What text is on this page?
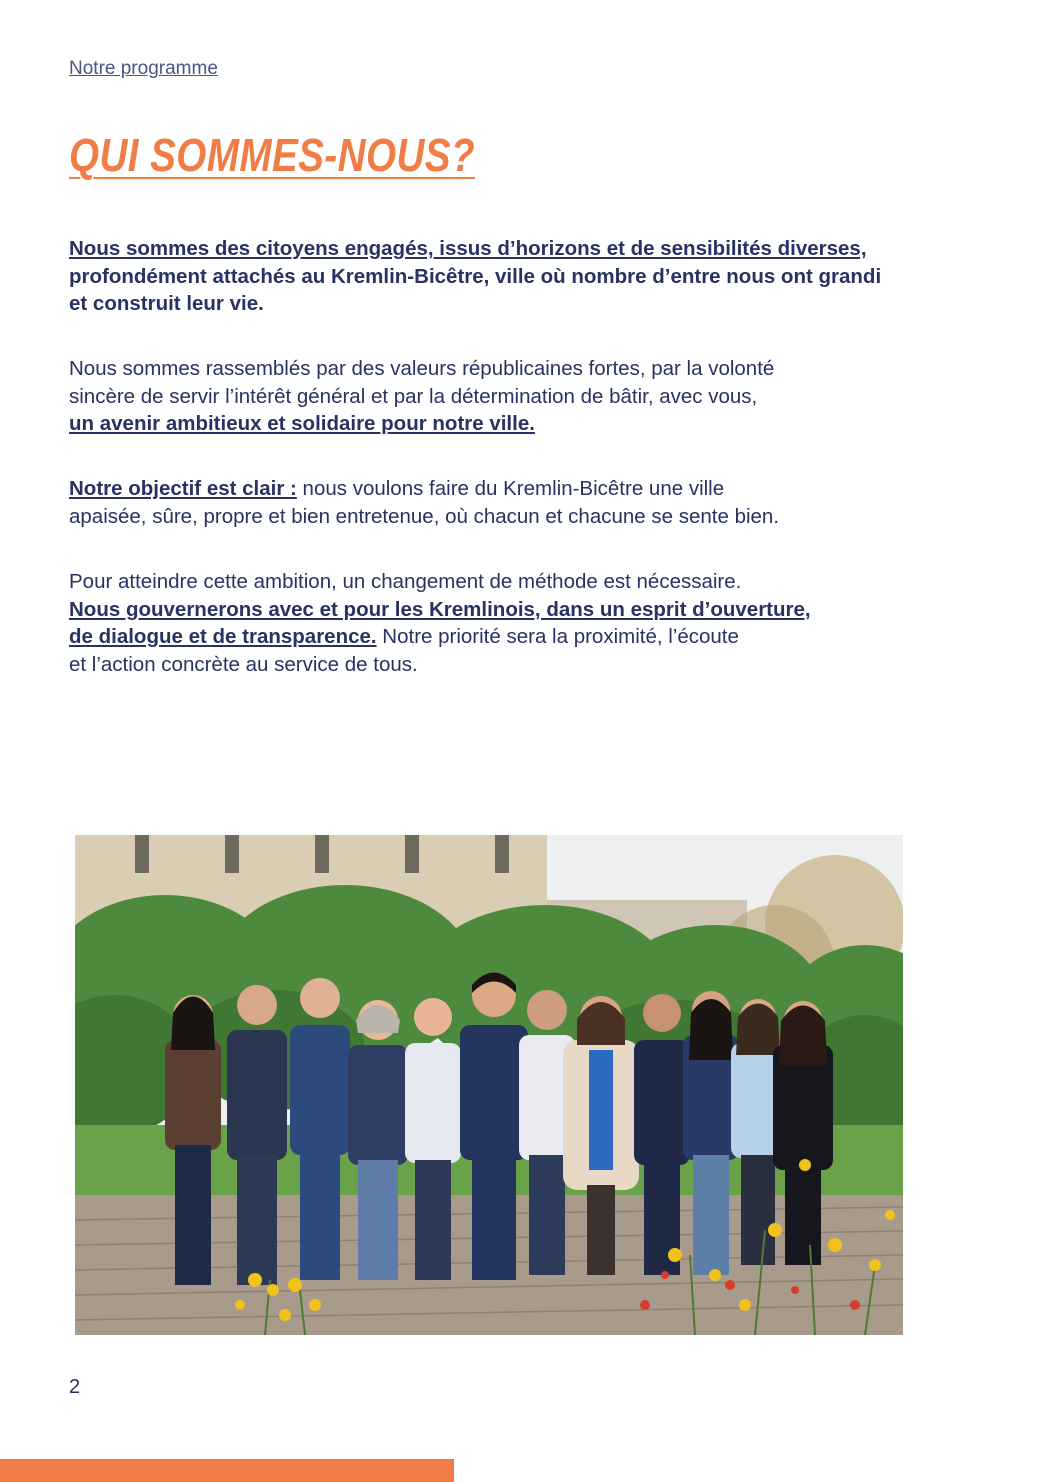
Notre programme
QUI SOMMES-NOUS?

Nous sommes des citoyens engagés, issus d’horizons et de sensibilités diverses,
profondément attachés au Kremlin-Bicêtre, ville où nombre d’entre nous ont grandi
et construit leur vie.

Nous sommes rassemblés par des valeurs républicaines fortes, par la volonté
sincère de servir l’intérêt général et par la détermination de bâtir, avec vous,
un avenir ambitieux et solidaire pour notre ville.

Notre objectif est clair : nous voulons faire du Kremlin-Bicêtre une ville
apaisée, sûre, propre et bien entretenue, où chacun et chacune se sente bien.

Pour atteindre cette ambition, un changement de méthode est nécessaire.
Nous gouvernerons avec et pour les Kremlinois, dans un esprit d’ouverture,
de dialogue et de transparence. Notre priorité sera la proximité, l’écoute
et l’action concrète au service de tous.

2
